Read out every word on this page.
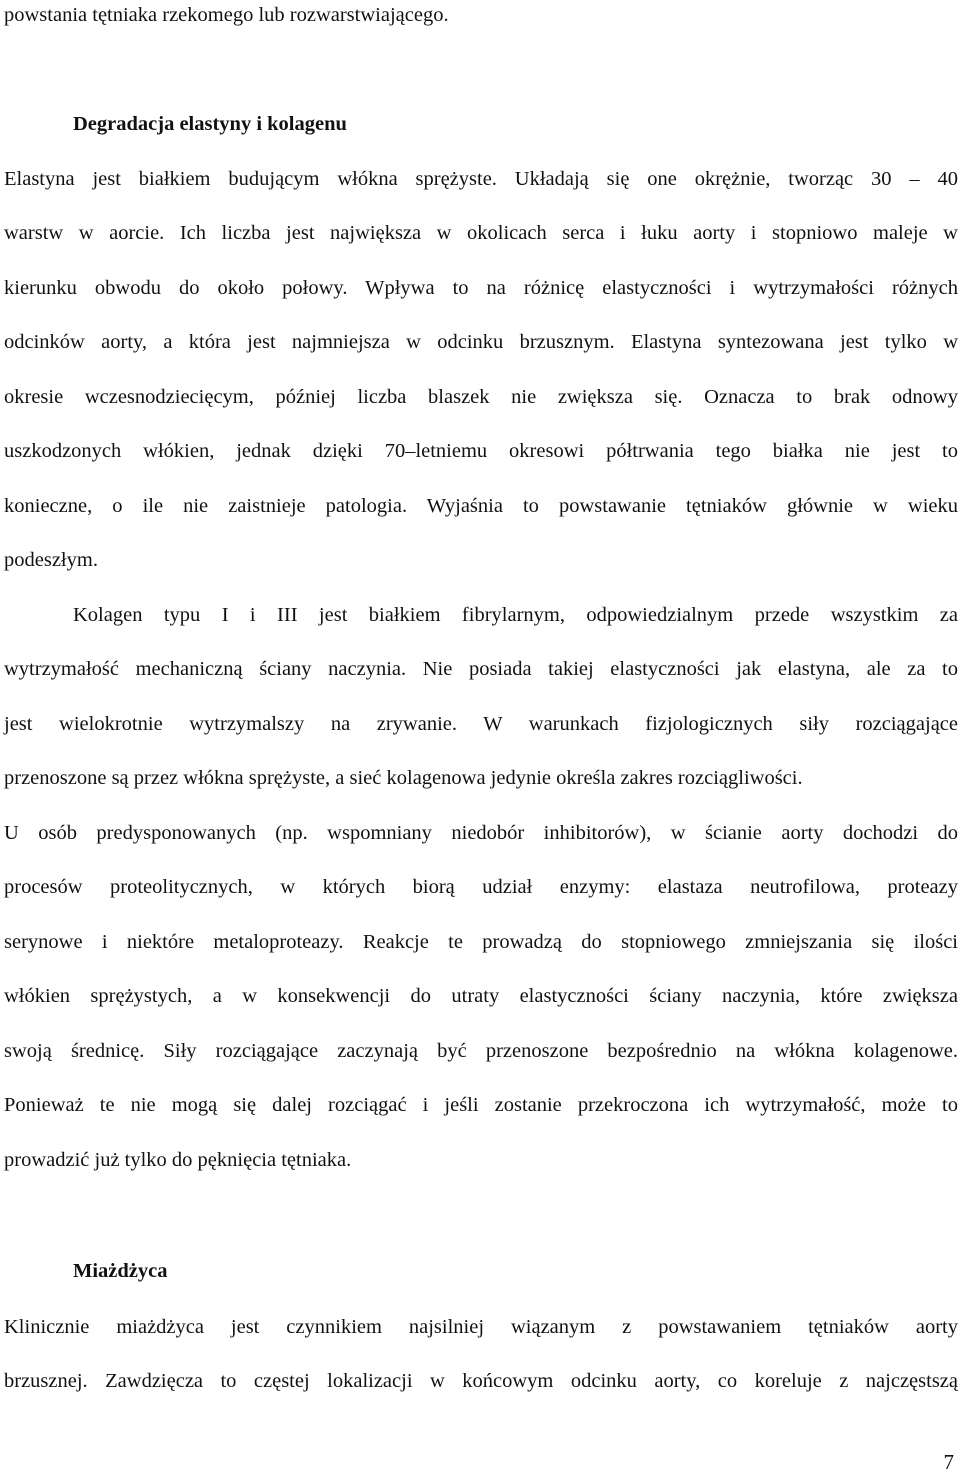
powstania tętniaka rzekomego lub rozwarstwiającego.
Degradacja elastyny i kolagenu
Elastyna jest białkiem budującym włókna sprężyste. Układają się one okrężnie, tworząc 30 – 40
warstw w aorcie. Ich liczba jest największa w okolicach serca i łuku aorty i stopniowo maleje w
kierunku obwodu do około połowy. Wpływa to na różnicę elastyczności i wytrzymałości różnych
odcinków aorty, a która jest najmniejsza w odcinku brzusznym. Elastyna syntezowana jest tylko w
okresie wczesnodziecięcym, później liczba blaszek nie zwiększa się. Oznacza to brak odnowy
uszkodzonych włókien, jednak dzięki 70–letniemu okresowi półtrwania tego białka nie jest to
konieczne, o ile nie zaistnieje patologia. Wyjaśnia to powstawanie tętniaków głównie w wieku
podeszłym.
Kolagen typu I i III jest białkiem fibrylarnym, odpowiedzialnym przede wszystkim za
wytrzymałość mechaniczną ściany naczynia. Nie posiada takiej elastyczności jak elastyna, ale za to
jest wielokrotnie wytrzymalszy na zrywanie. W warunkach fizjologicznych siły rozciągające
przenoszone są przez włókna sprężyste, a sieć kolagenowa jedynie określa zakres rozciągliwości.
U osób predysponowanych (np. wspomniany niedobór inhibitorów), w ścianie aorty dochodzi do
procesów proteolitycznych, w których biorą udział enzymy: elastaza neutrofilowa, proteazy
serynowe i niektóre metaloproteazy. Reakcje te prowadzą do stopniowego zmniejszania się ilości
włókien sprężystych, a w konsekwencji do utraty elastyczności ściany naczynia, które zwiększa
swoją średnicę. Siły rozciągające zaczynają być przenoszone bezpośrednio na włókna kolagenowe.
Ponieważ te nie mogą się dalej rozciągać i jeśli zostanie przekroczona ich wytrzymałość, może to
prowadzić już tylko do pęknięcia tętniaka.
Miażdżyca
Klinicznie miażdżyca jest czynnikiem najsilniej wiązanym z powstawaniem tętniaków aorty
brzusznej. Zawdzięcza to częstej lokalizacji w końcowym odcinku aorty, co koreluje z najczęstszą
7
